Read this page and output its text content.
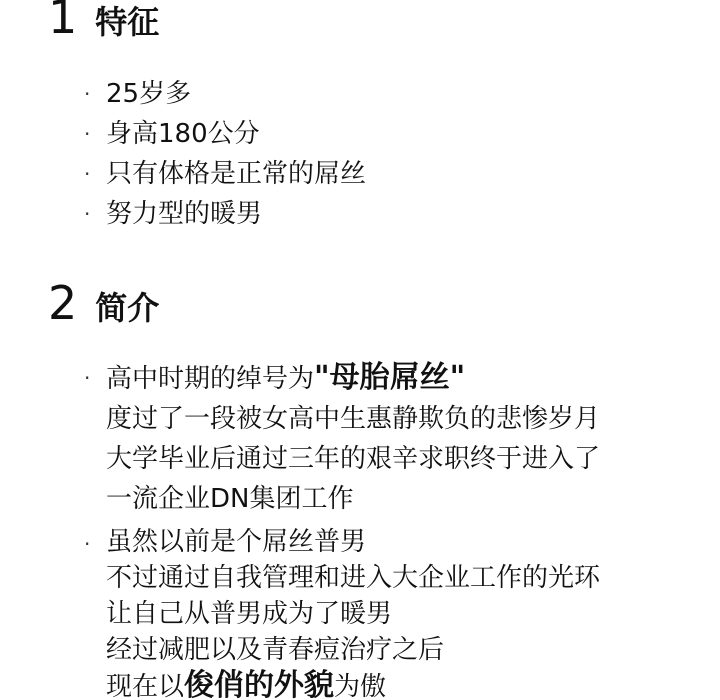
1 特征
· 25岁多
· 身高180公分
· 只有体格是正常的屌丝
· 努力型的暖男
2 简介
· 高中时期的绰号为"母胎屌丝"
度过了一段被女高中生惠静欺负的悲惨岁月
大学毕业后通过三年的艰辛求职终于进入了
一流企业DN集团工作
· 虽然以前是个屌丝普男
不过通过自我管理和进入大企业工作的光环
让自己从普男成为了暖男
经过减肥以及青春痘治疗之后
现在以俊俏的外貌为傲
